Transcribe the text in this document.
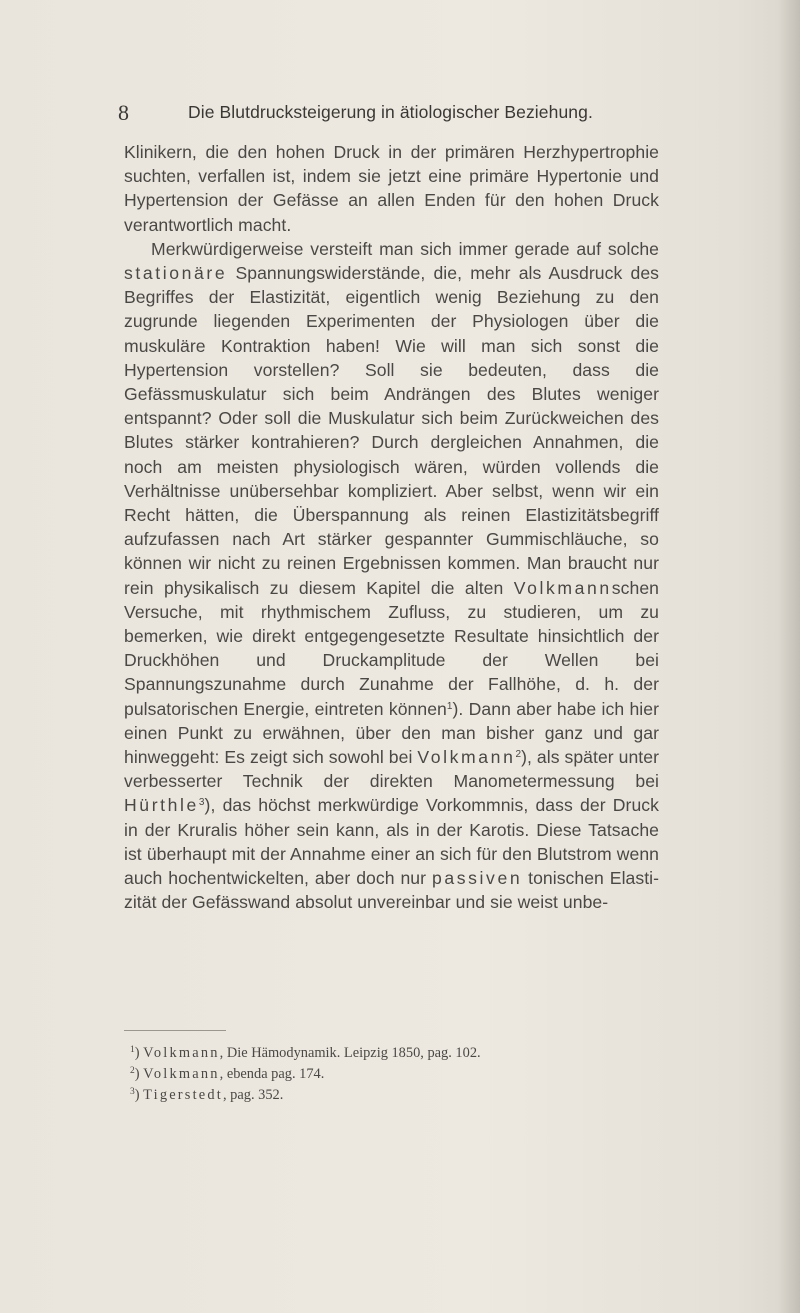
8	Die Blutdrucksteigerung in ätiologischer Beziehung.

Klinikern, die den hohen Druck in der primären Herzhypertrophie suchten, verfallen ist, indem sie jetzt eine primäre Hypertonie und Hypertension der Gefässe an allen Enden für den hohen Druck verantwortlich macht.

Merkwürdigerweise versteift man sich immer gerade auf solche stationäre Spannungswiderstände, die, mehr als Ausdruck des Begriffes der Elastizität, eigentlich wenig Beziehung zu den zugrunde liegenden Experimenten der Physiologen über die muskuläre Kontraktion haben! Wie will man sich sonst die Hypertension vorstellen? Soll sie bedeuten, dass die Gefässmuskulatur sich beim Andrängen des Blutes weniger entspannt? Oder soll die Muskulatur sich beim Zurückweichen des Blutes stärker kontrahieren? Durch dergleichen Annahmen, die noch am meisten physiologisch wären, würden vollends die Verhältnisse unübersehbar kompliziert. Aber selbst, wenn wir ein Recht hätten, die Überspannung als reinen Elastizitätsbegriff aufzufassen nach Art stärker gespannter Gummischläuche, so können wir nicht zu reinen Ergebnissen kommen. Man braucht nur rein physikalisch zu diesem Kapitel die alten Volkmannschen Versuche, mit rhythmischem Zufluss, zu studieren, um zu bemerken, wie direkt entgegengesetzte Resultate hinsichtlich der Druckhöhen und Druckamplitude der Wellen bei Spannungszunahme durch Zunahme der Fallhöhe, d. h. der pulsatorischen Energie, eintreten können$^1$). Dann aber habe ich hier einen Punkt zu erwähnen, über den man bisher ganz und gar hinweggeht: Es zeigt sich sowohl bei Volkmann$^2$), als später unter verbesserter Technik der direkten Manometermessung bei Hürthle$^3$), das höchst merkwürdige Vorkommnis, dass der Druck in der Kruralis höher sein kann, als in der Karotis. Diese Tatsache ist überhaupt mit der Annahme einer an sich für den Blutstrom wenn auch hochentwickelten, aber doch nur passiven tonischen Elastizität der Gefässwand absolut unvereinbar und sie weist unbe-

$^1$) Volkmann, Die Hämodynamik. Leipzig 1850, pag. 102.
$^2$) Volkmann, ebenda pag. 174.
$^3$) Tigerstedt, pag. 352.
